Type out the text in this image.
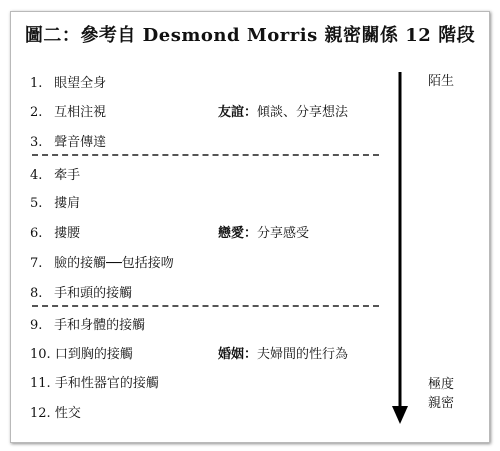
圖二：參考自 Desmond Morris 親密關係 12 階段
1. 眼望全身
2. 互相注視
3. 聲音傳達
4. 牽手
5. 摟肩
6. 摟腰
7. 臉的接觸──包括接吻
8. 手和頭的接觸
9. 手和身體的接觸
10. 口到胸的接觸
11. 手和性器官的接觸
12. 性交
友誼：傾談、分享想法
戀愛：分享感受
婚姻：夫婦間的性行為
陌生
極度
親密
